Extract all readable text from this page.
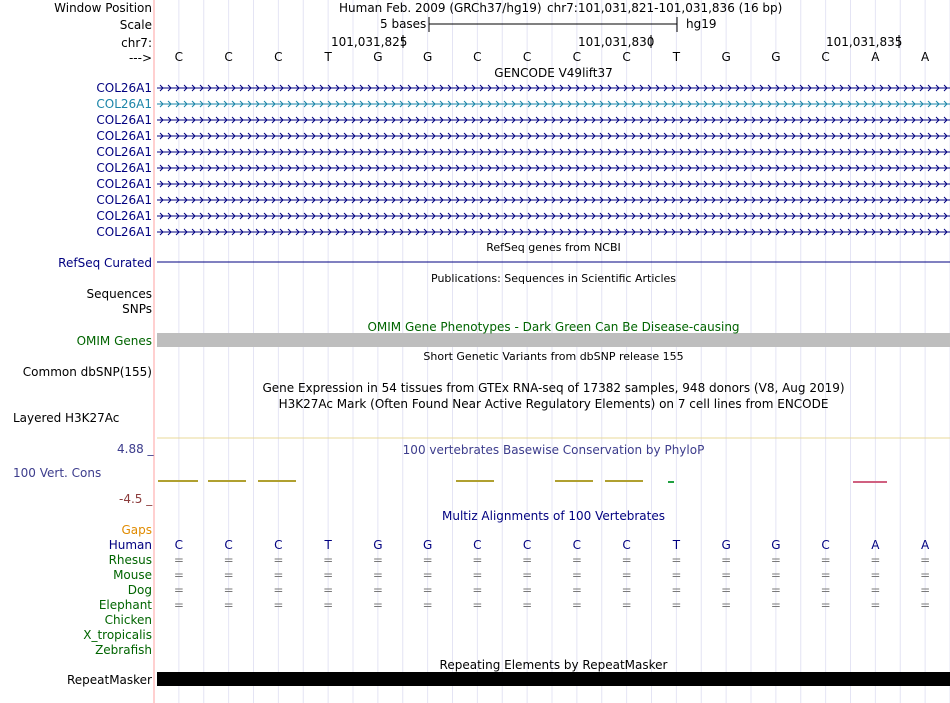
Window Position	Human Feb. 2009 (GRCh37/hg19) chr7:101,031,821-101,031,836 (16 bp)
Scale	5 bases	hg19
chr7:	101,031,825	101,031,830	101,031,835
--->	C	C	C	T	G	G	C	C	C	C	T	G	G	C	A	A
GENCODE V49lift37
COL26A1
COL26A1
COL26A1
COL26A1
COL26A1
COL26A1
COL26A1
COL26A1
COL26A1
COL26A1
RefSeq genes from NCBI
RefSeq Curated
Publications: Sequences in Scientific Articles
Sequences
SNPs
OMIM Gene Phenotypes - Dark Green Can Be Disease-causing
OMIM Genes
Short Genetic Variants from dbSNP release 155
Common dbSNP(155)
Gene Expression in 54 tissues from GTEx RNA-seq of 17382 samples, 948 donors (V8, Aug 2019)
H3K27Ac Mark (Often Found Near Active Regulatory Elements) on 7 cell lines from ENCODE
Layered H3K27Ac
4.88 _	100 vertebrates Basewise Conservation by PhyloP
100 Vert. Cons
-4.5 _
Multiz Alignments of 100 Vertebrates
Gaps
Human	C	C	C	T	G	G	C	C	C	C	T	G	G	C	A	A
Rhesus	=	=	=	=	=	=	=	=	=	=	=	=	=	=	=	=
Mouse	=	=	=	=	=	=	=	=	=	=	=	=	=	=	=	=
Dog	=	=	=	=	=	=	=	=	=	=	=	=	=	=	=	=
Elephant	=	=	=	=	=	=	=	=	=	=	=	=	=	=	=	=
Chicken
X_tropicalis
Zebrafish
Repeating Elements by RepeatMasker
RepeatMasker
